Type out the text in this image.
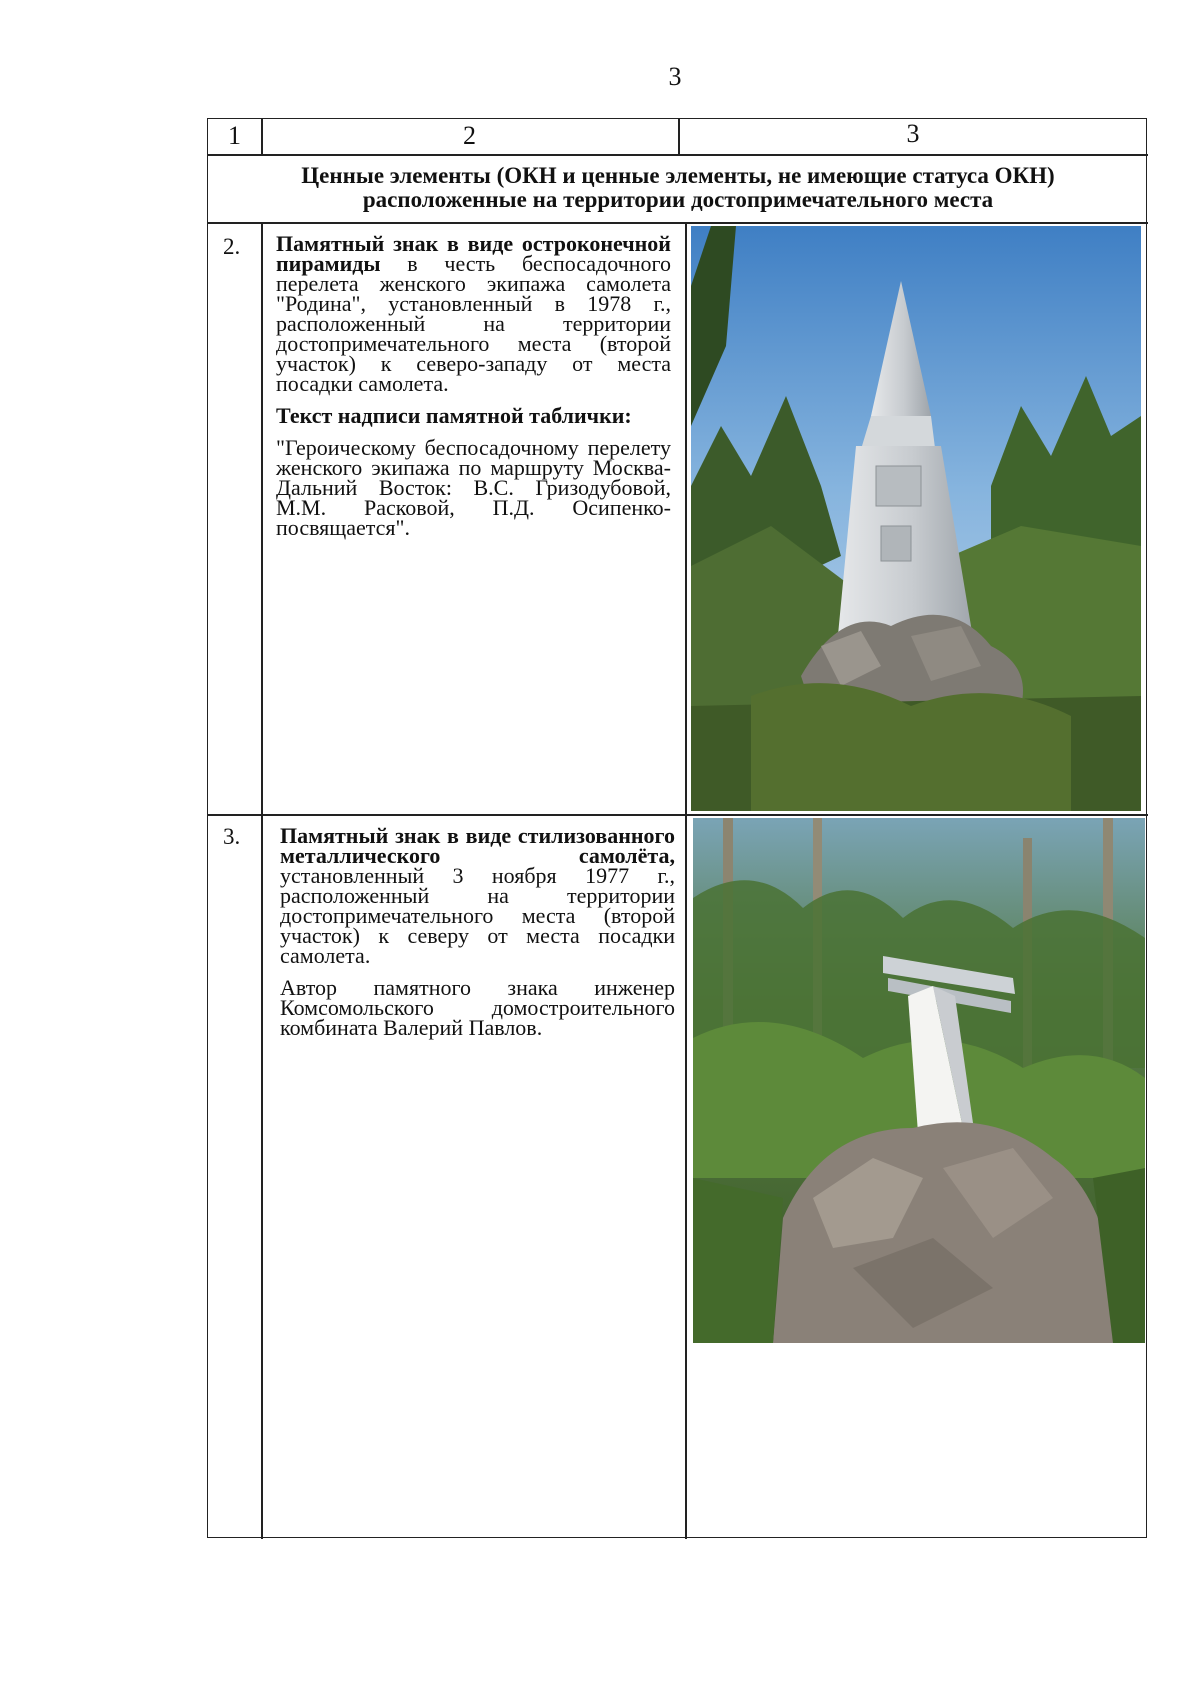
3
1	2	3
Ценные элементы (ОКН и ценные элементы, не имеющие статуса ОКН)
расположенные на территории достопримечательного места
2. Памятный знак в виде остроконечной пирамиды в честь беспосадочного перелета женского экипажа самолета "Родина", установленный в 1978 г., расположенный на территории достопримечательного места (второй участок) к северо-западу от места посадки самолета.

Текст надписи памятной таблички:

"Героическому беспосадочному перелету женского экипажа по маршруту Москва-Дальний Восток: В.С. Гризодубовой, М.М. Расковой, П.Д. Осипенко- посвящается".

3. Памятный знак в виде стилизованного металлического самолёта, установленный 3 ноября 1977 г., расположенный на территории достопримечательного места (второй участок) к северу от места посадки самолета.

Автор памятного знака инженер Комсомольского домостроительного комбината Валерий Павлов.
